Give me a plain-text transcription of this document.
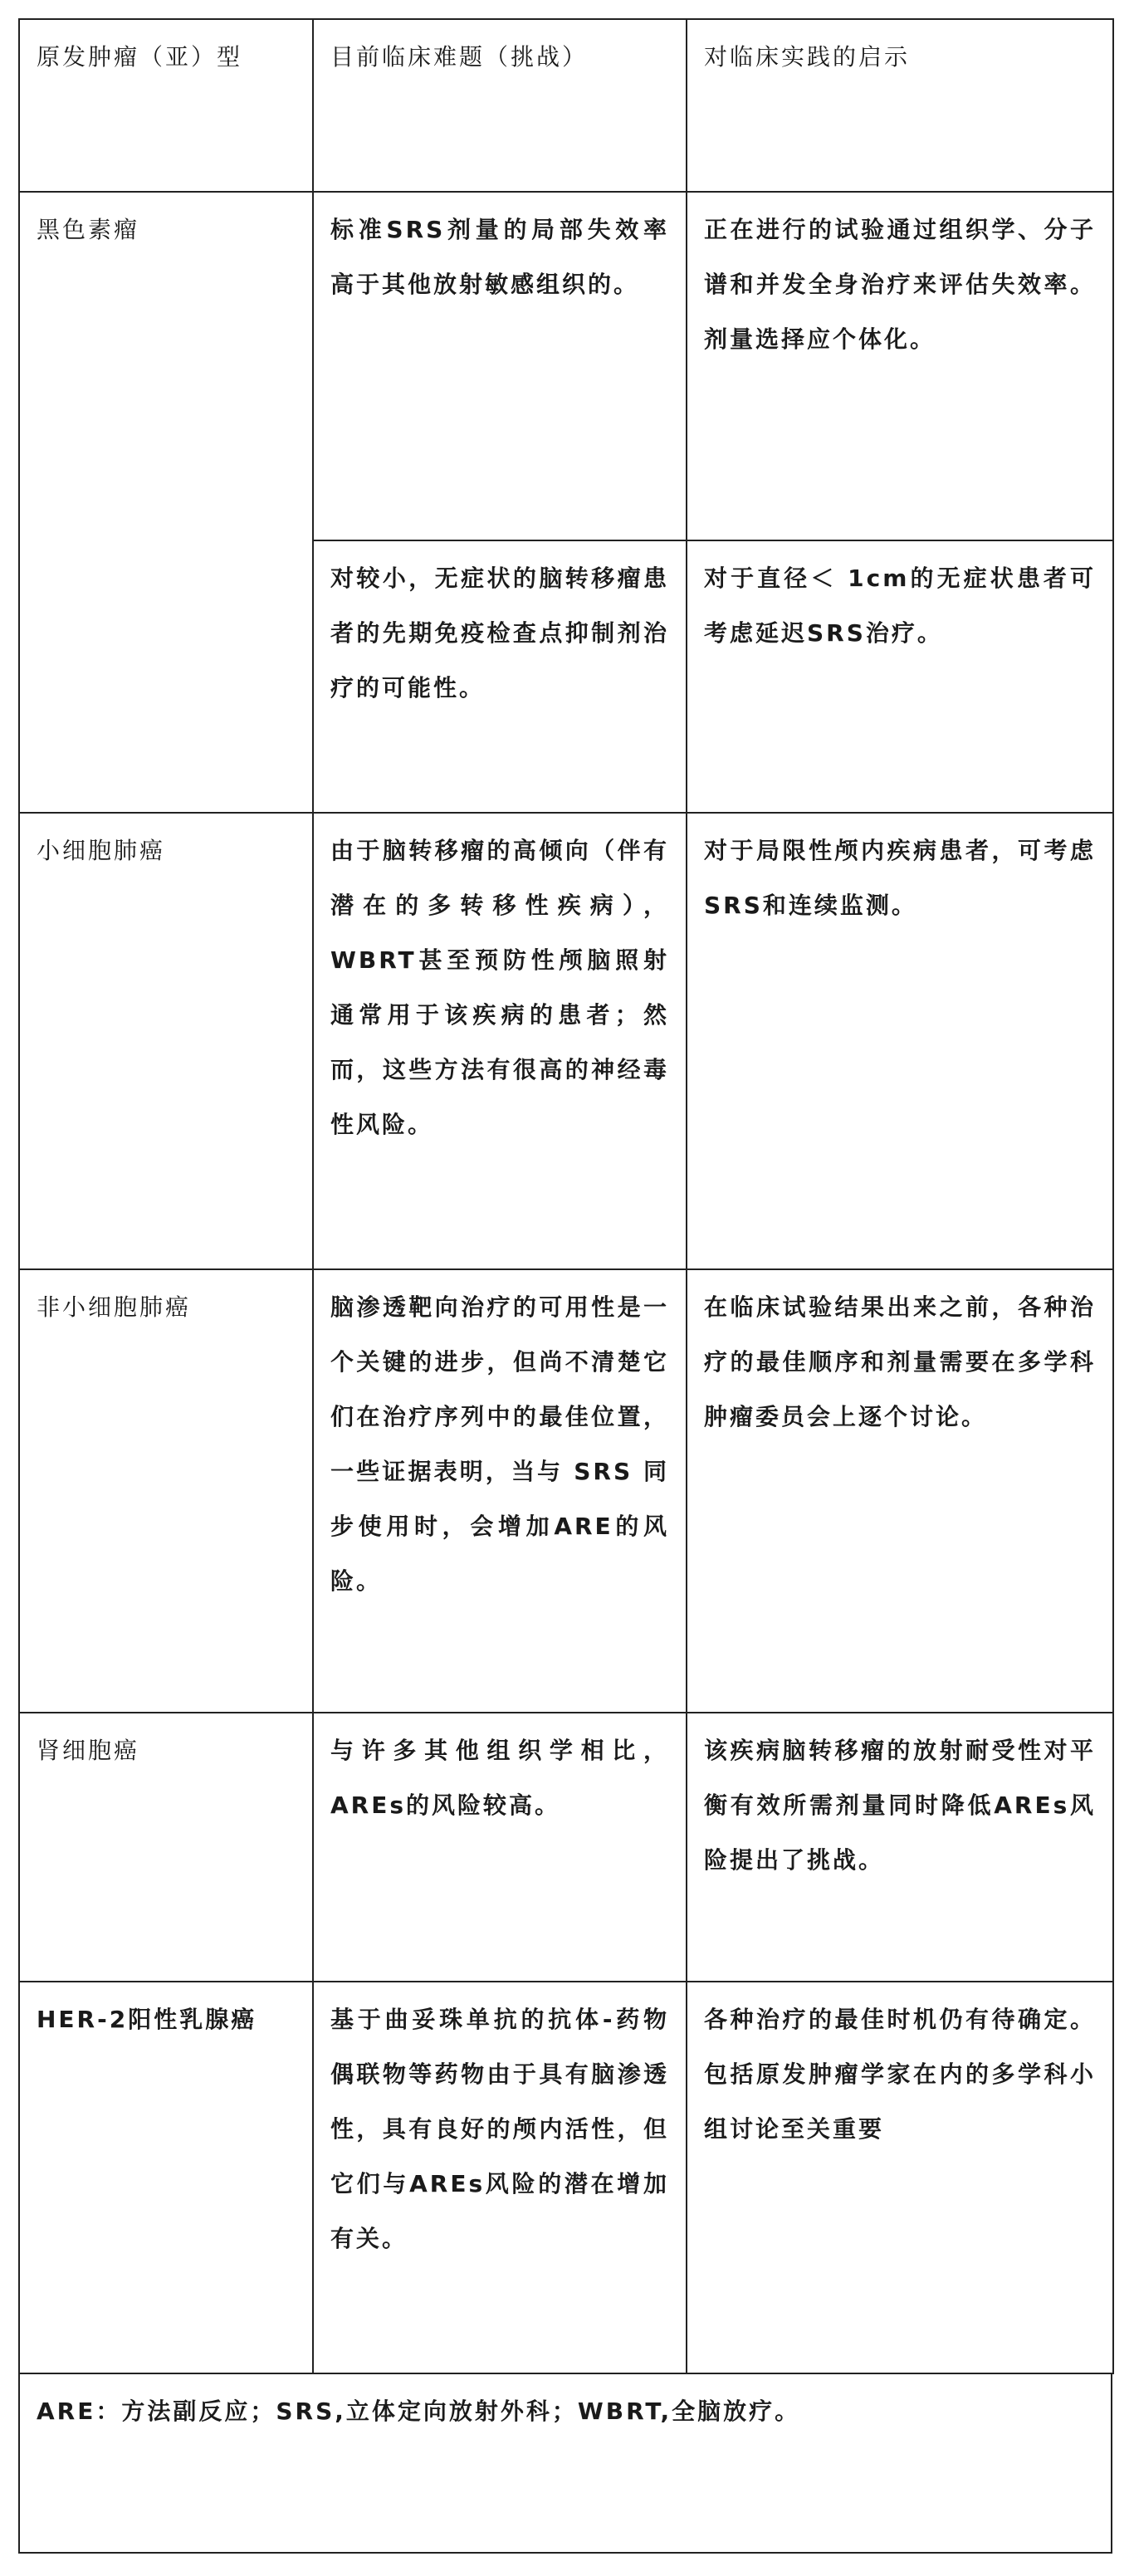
原发肿瘤（亚）型	目前临床难题（挑战）	对临床实践的启示
黑色素瘤	标准SRS剂量的局部失效率高于其他放射敏感组织的。	正在进行的试验通过组织学、分子谱和并发全身治疗来评估失效率。剂量选择应个体化。
	对较小，无症状的脑转移瘤患者的先期免疫检查点抑制剂治疗的可能性。	对于直径＜ 1cm的无症状患者可考虑延迟SRS治疗。
小细胞肺癌	由于脑转移瘤的高倾向（伴有潜在的多转移性疾病），WBRT甚至预防性颅脑照射通常用于该疾病的患者；然而，这些方法有很高的神经毒性风险。	对于局限性颅内疾病患者，可考虑SRS和连续监测。
非小细胞肺癌	脑渗透靶向治疗的可用性是一个关键的进步，但尚不清楚它们在治疗序列中的最佳位置，一些证据表明，当与 SRS 同步使用时，会增加ARE的风险。	在临床试验结果出来之前，各种治疗的最佳顺序和剂量需要在多学科肿瘤委员会上逐个讨论。
肾细胞癌	与许多其他组织学相比，AREs的风险较高。	该疾病脑转移瘤的放射耐受性对平衡有效所需剂量同时降低AREs风险提出了挑战。
HER-2阳性乳腺癌	基于曲妥珠单抗的抗体-药物偶联物等药物由于具有脑渗透性，具有良好的颅内活性，但它们与AREs风险的潜在增加有关。	各种治疗的最佳时机仍有待确定。包括原发肿瘤学家在内的多学科小组讨论至关重要
ARE：方法副反应；SRS,立体定向放射外科；WBRT,全脑放疗。
